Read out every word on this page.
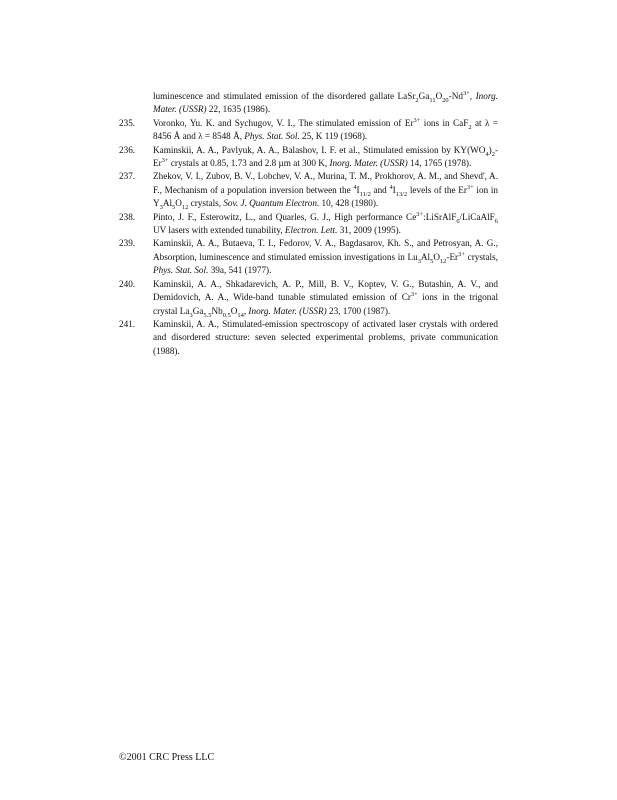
luminescence and stimulated emission of the disordered gallate $LaSr_2Ga_{11}O_{20}-Nd^{3+}$, Inorg. Mater. (USSR) 22, 1635 (1986).
235. Voronko, Yu. K. and Sychugov, V. I., The stimulated emission of $Er^{3+}$ ions in CaF$_2$ at λ = 8456 Å and λ = 8548 Å, Phys. Stat. Sol. 25, K 119 (1968).
236. Kaminskii, A. A., Pavlyuk, A. A., Balashov, I. F. et al., Stimulated emission by $KY(WO_4)_2-Er^{3+}$ crystals at 0.85, 1.73 and 2.8 µm at 300 K, Inorg. Mater. (USSR) 14, 1765 (1978).
237. Zhekov, V. I., Zubov, B. V., Lobchev, V. A., Murina, T. M., Prokhorov, A. M., and Shevd', A. F., Mechanism of a population inversion between the $^4I_{11/2}$ and $^4I_{13/2}$ levels of the $Er^{3+}$ ion in $Y_3Al_5O_{12}$ crystals, Sov. J. Quantum Electron. 10, 428 (1980).
238. Pinto, J. F., Esterowitz, L., and Quarles, G. J., High performance $Ce^{3+}:LiSrAlF_6/LiCaAlF_6$ UV lasers with extended tunability, Electron. Lett. 31, 2009 (1995).
239. Kaminskii, A. A., Butaeva, T. I., Fedorov, V. A., Bagdasarov, Kh. S., and Petrosyan, A. G., Absorption, luminescence and stimulated emission investigations in $Lu_3Al_5O_{12}-Er^{3+}$ crystals, Phys. Stat. Sol. 39a, 541 (1977).
240. Kaminskii, A. A., Shkadarevich, A. P., Mill, B. V., Koptev, V. G., Butashin, A. V., and Demidovich, A. A., Wide-band tunable stimulated emission of $Cr^{3+}$ ions in the trigonal crystal $La_3Ga_{5.5}Nb_{0.5}O_{14}$, Inorg. Mater. (USSR) 23, 1700 (1987).
241. Kaminskii, A. A., Stimulated-emission spectroscopy of activated laser crystals with ordered and disordered structure: seven selected experimental problems, private communication (1988).
©2001 CRC Press LLC
